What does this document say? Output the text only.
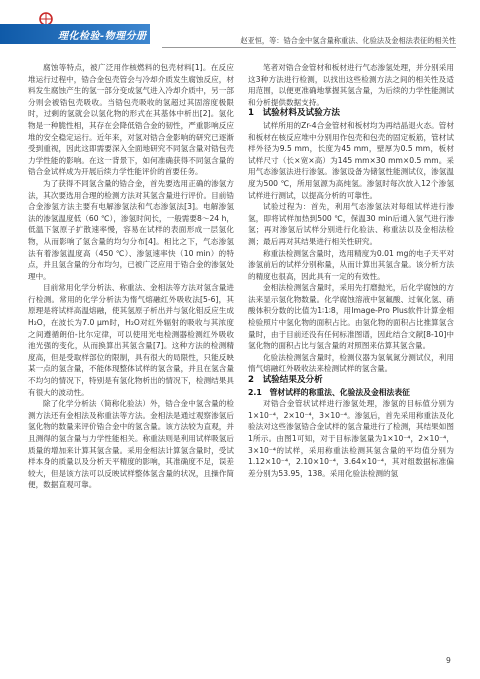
理化检验-物理分册	赵亚恒，等：锆合金中氢含量称重法、化验法及金相法表征的相关性

腐蚀等特点，被广泛用作核燃料的包壳材料[1]。在反应堆运行过程中，锆合金包壳管会与冷却介质发生腐蚀反应，材料发生腐蚀产生的氢一部分变成氢气进入冷却介质中，另一部分则会被锆包壳吸收。当锆包壳吸收的氢超过其固溶度极限时，过剩的氢就会以氢化物的形式在其基体中析出[2]。氢化物是一种脆性相，其存在会降低锆合金的韧性，严重影响反应堆的安全稳定运行。近年来，对氢对锆合金影响的研究已逐渐受到重视，因此这即需要深入全面地研究不同氢含量对锆包壳力学性能的影响。在这一背景下，如何准确获得不同氢含量的锆合金试样成为开展后续力学性能评价的首要任务。

为了获得不同氢含量的锆合金，首先要选用正确的渗氢方法，其次要选用合理的检测方法对其氢含量进行评价。目前锆合金渗氢方法主要有电解渗氢法和气态渗氢法[3]。电解渗氢法的渗氢温度低（60 ℃），渗氢时间长，一般需要8～24 h，低温下氢原子扩散速率慢，容易在试样的表面形成一层氢化物，从而影响了氢含量的均匀分布[4]。相比之下，气态渗氢法有着渗氢温度高（450 ℃）、渗氢速率快（10 min）的特点，并且氢含量的分布均匀，已被广泛应用于锆合金的渗氢处理中。

目前常用化学分析法、称重法、金相法等方法对氢含量进行检测。常用的化学分析法为惰气熔融红外吸收法[5-6]，其原理是将试样高温熔融，使其氢原子析出并与氢化钼反应生成H₂O，在波长为7.0 μm时，H₂O对红外辐射的吸收与其浓度之间遵循朗伯-比尔定律，可以使用光电检测器检测红外吸收池光强的变化，从而换算出其氢含量[7]。这种方法的检测精度高，但是受取样部位的限制，具有很大的局限性，只能反映某一点的氢含量，不能体现整体试样的氢含量，并且在氢含量不均匀的情况下，特别是有氢化物析出的情况下，检测结果具有很大的波动性。

除了化学分析法（简称化验法）外，锆合金中氢含量的检测方法还有金相法及称重法等方法。金相法是通过观察渗氢后氢化物的数量来评价锆合金中的氢含量。该方法较为直观，并且测得的氢含量与力学性能相关。称重法则是利用试样吸氢后质量的增加来计算其氢含量。采用金相法计算氢含量时，受试样本身的质量以及分析天平精度的影响，其准确度不足，误差较大，但是该方法可以反映试样整体氢含量的状况，且操作简便，数据直观可靠。

笔者对锆合金管材和板材进行气态渗氢处理，并分别采用这3种方法进行检测，以找出这些检测方法之间的相关性及适用范围，以便更准确地掌握其氢含量，为后续的力学性能测试和分析提供数据支持。

1　试验材料及试验方法

试样所用的Zr-4合金管材和板材均为再结晶退火态。管材和板材在核反应堆中分别用作包壳和包壳的固定板筋，管材试样外径为9.5 mm，长度为45 mm，壁厚为0.5 mm，板材试样尺寸（长×宽×高）为145 mm×30 mm×0.5 mm。采用气态渗氢法进行渗氢。渗氢设备为储氢性能测试仪，渗氢温度为500 ℃，所用氢源为高纯氢。渗氢时每次放入12个渗氢试样进行测试，以提高分析的可靠性。

试验过程为：首先，利用气态渗氢法对每组试样进行渗氢，即将试样加热到500 ℃，保温30 min后通入氢气进行渗氢；再对渗氢后试样分别进行化验法、称重法以及金相法检测；最后再对其结果进行相关性研究。

称重法检测氢含量时，选用精度为0.01 mg的电子天平对渗氢前后的试样分别称量，从而计算出其氢含量。该分析方法的精度也很高，因此具有一定的有效性。

金相法检测氢含量时，采用先打磨抛光，后化学腐蚀的方法来显示氢化物数量。化学腐蚀溶液中氢氟酸、过氧化氢、硝酸体积分数的比值为1∶1∶8，用Image-Pro Plus软件计算金相检验照片中氢化物的面积占比。由氢化物的面积占比推算氢含量时，由于目前还没有任何标准图谱，因此结合文献[8-10]中氢化物的面积占比与氢含量的对照图来估算其氢含量。

化验法检测氢含量时，检测仪器为氢氧氮分测试仪，利用惰气熔融红外吸收法来检测试样的氢含量。

2　试验结果及分析

2.1　管材试样的称重法、化验法及金相法表征

对锆合金管状试样进行渗氢处理，渗氢的目标值分别为1×10⁻⁴，2×10⁻⁴，3×10⁻⁴。渗氢后，首先采用称重法及化验法对这些渗氢锆合金试样的氢含量进行了检测，其结果如图1所示。由图1可知，对于目标渗氢量为1×10⁻⁴，2×10⁻⁴，3×10⁻⁴的试样，采用称重法检测其氢含量的平均值分别为1.12×10⁻⁴，2.10×10⁻⁴，3.64×10⁻⁴，其对组数据标准偏差分别为53.95，138。采用化验法检测的氢

9
